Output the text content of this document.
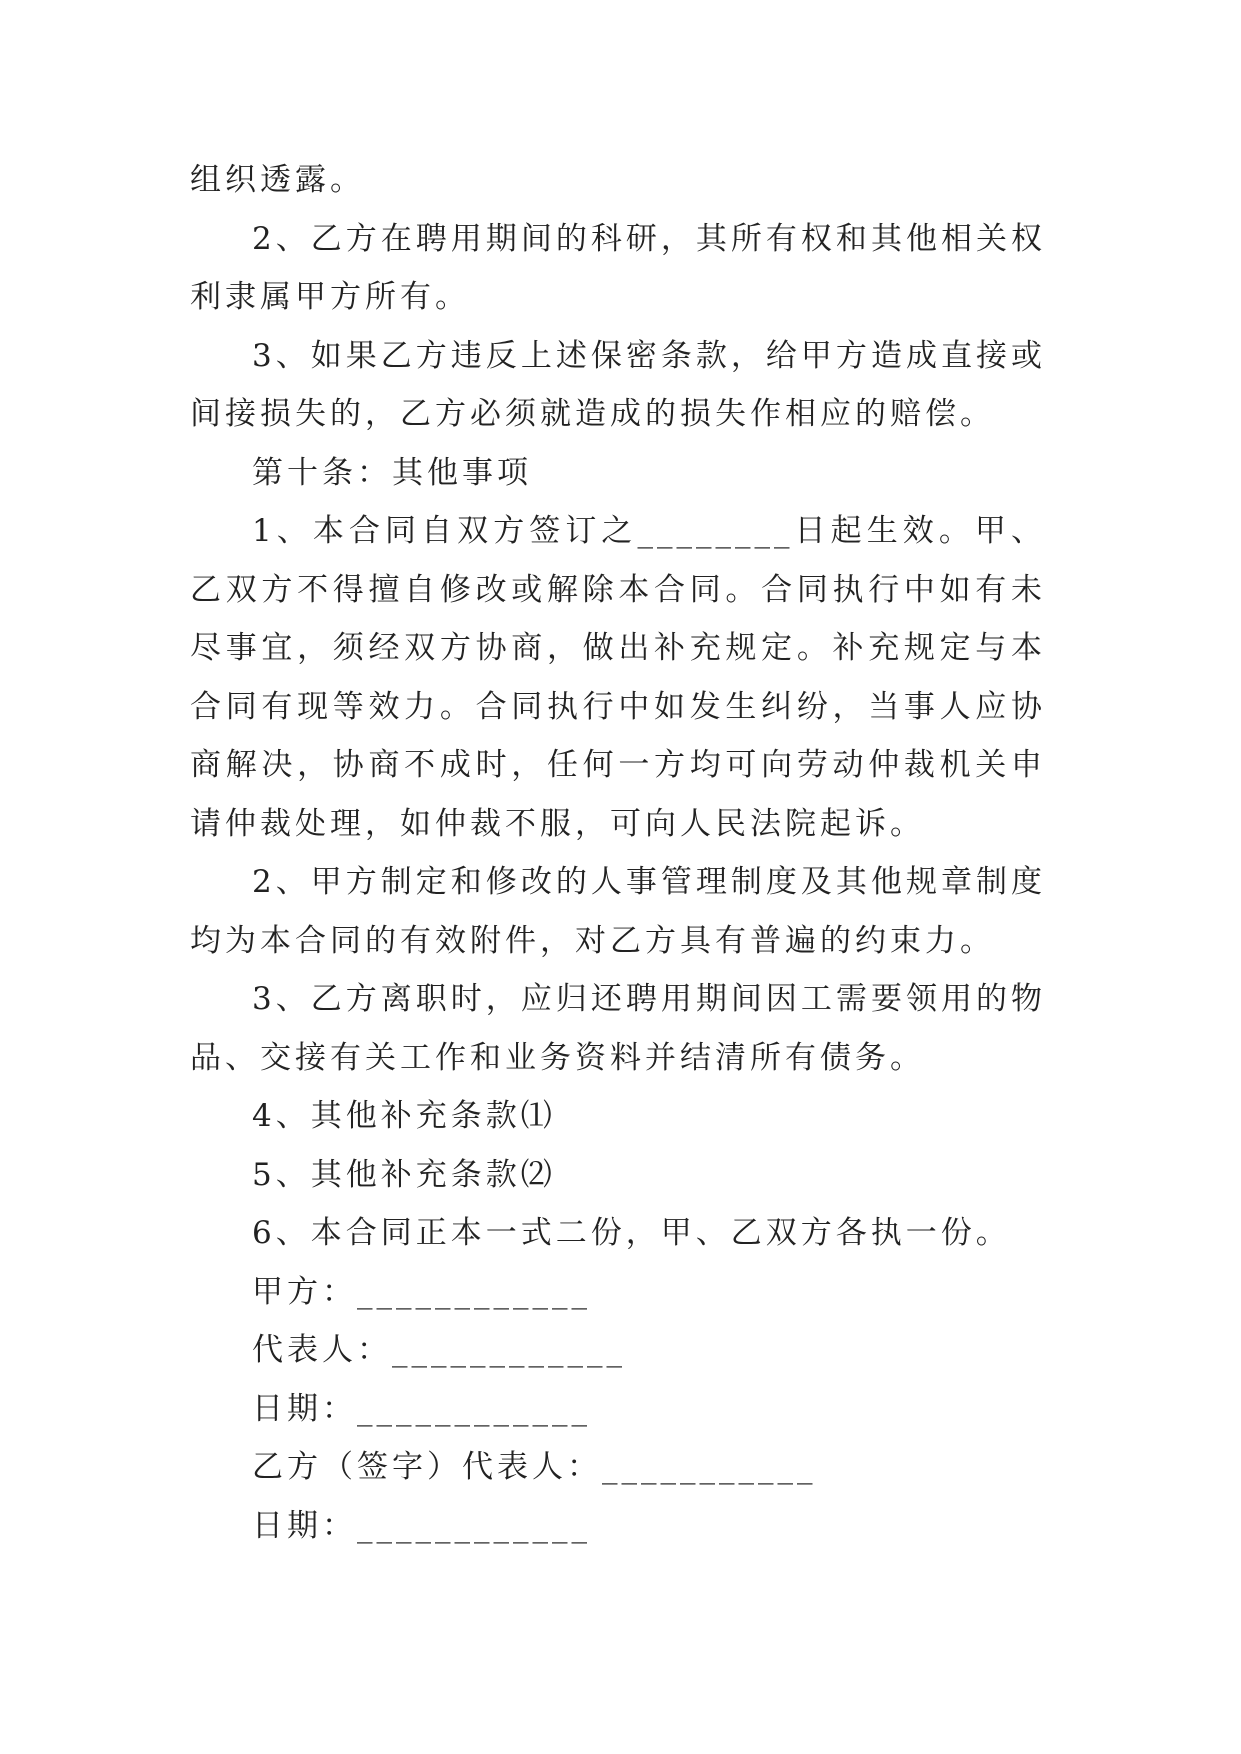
组织透露。

2、乙方在聘用期间的科研，其所有权和其他相关权利隶属甲方所有。

3、如果乙方违反上述保密条款，给甲方造成直接或间接损失的，乙方必须就造成的损失作相应的赔偿。

第十条：其他事项

1、本合同自双方签订之________日起生效。甲、乙双方不得擅自修改或解除本合同。合同执行中如有未尽事宜，须经双方协商，做出补充规定。补充规定与本合同有现等效力。合同执行中如发生纠纷，当事人应协商解决，协商不成时，任何一方均可向劳动仲裁机关申请仲裁处理，如仲裁不服，可向人民法院起诉。

2、甲方制定和修改的人事管理制度及其他规章制度均为本合同的有效附件，对乙方具有普遍的约束力。

3、乙方离职时，应归还聘用期间因工需要领用的物品、交接有关工作和业务资料并结清所有债务。

4、其他补充条款⑴

5、其他补充条款⑵

6、本合同正本一式二份，甲、乙双方各执一份。

甲方：____________
代表人：____________
日期：____________
乙方（签字）代表人：___________
日期：____________
